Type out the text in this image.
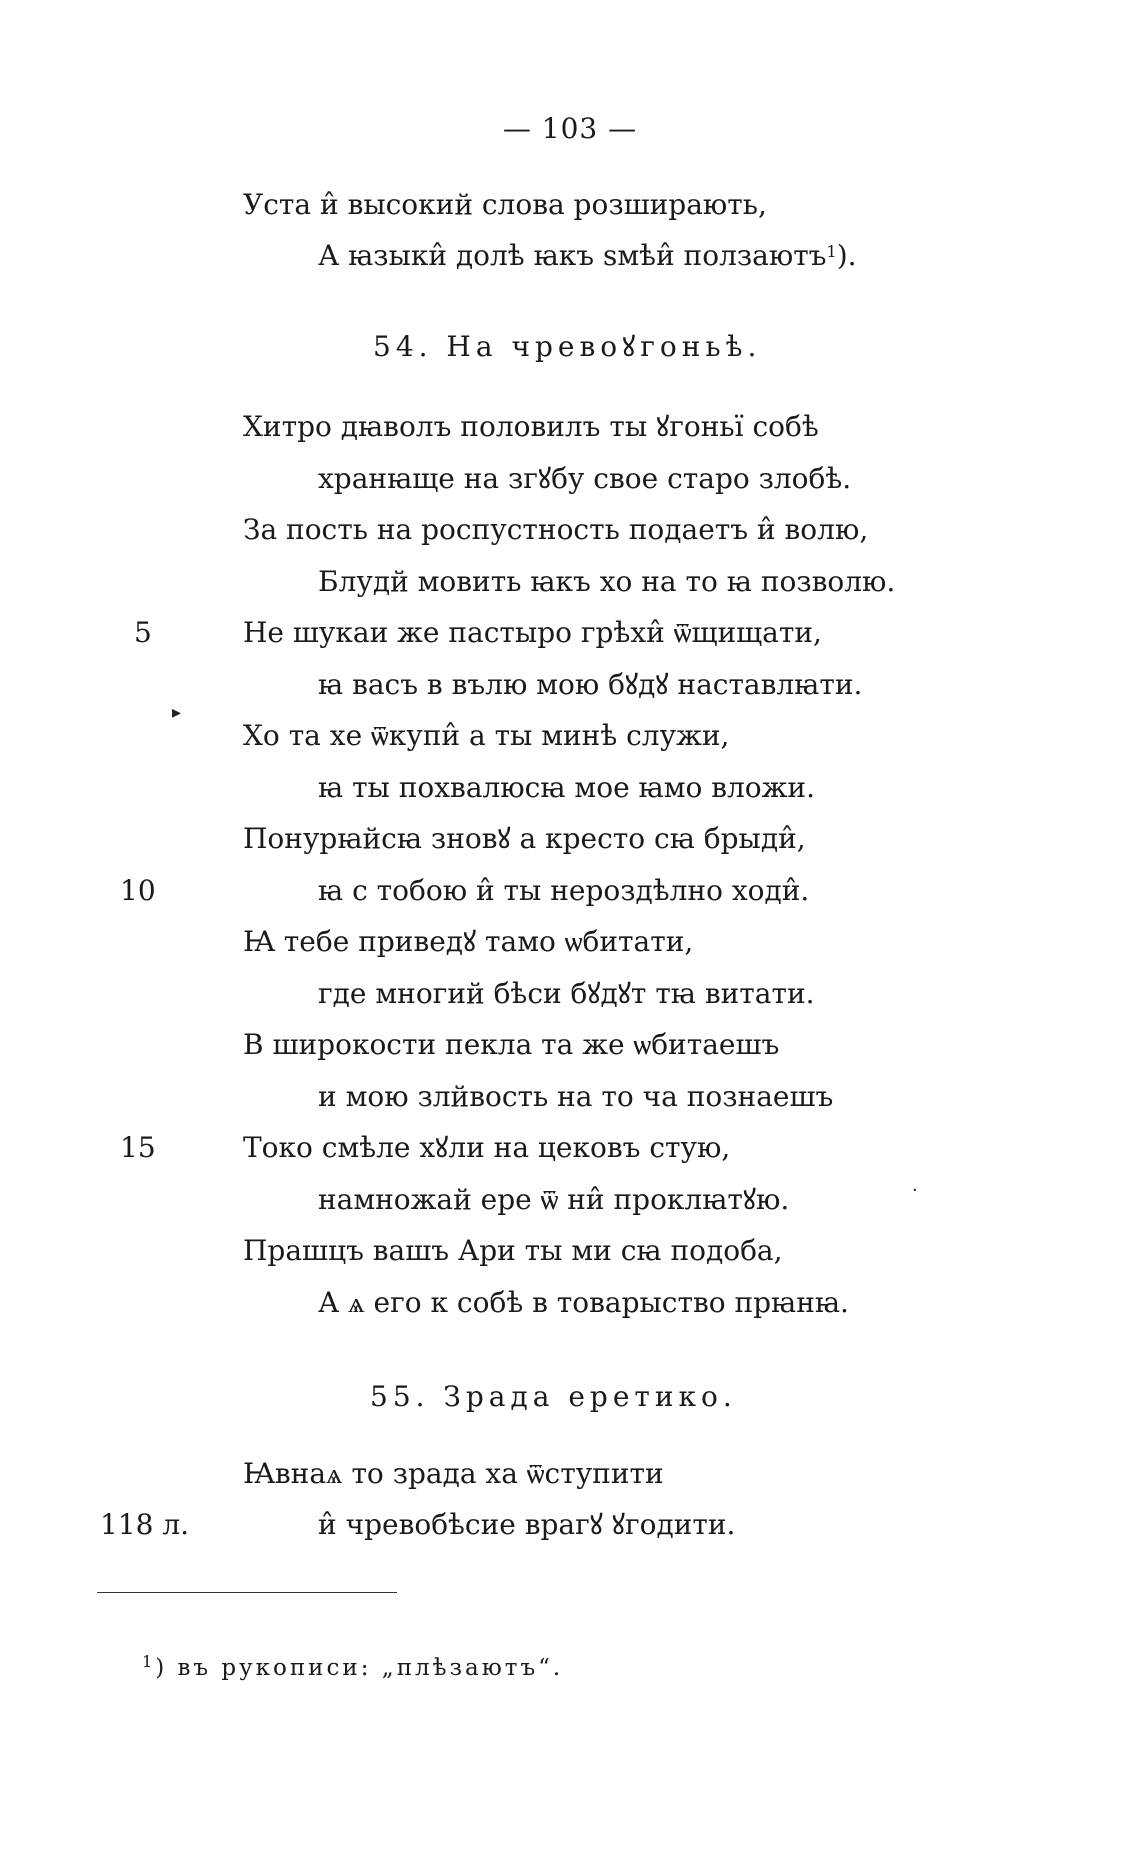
— 103 —
Уста и̂ высокий слова розширають,
А ꙗзыки̂ долѣ ꙗкъ ѕмѣи̂ ползаютъ$^1$).
54. На чревоꙋгоньѣ.
Хитро дꙗволъ половилъ ты ꙋгоньї собѣ
хранꙗще на згꙋбу свое старо злобѣ.
За пость на роспустность подаетъ и̂ волю,
Блудй мовить ꙗкъ хо на то ꙗ позволю.
Не шукаи же пастыро грѣхи̂ ѿщищати,
ꙗ васъ в вълю мою бꙋдꙋ наставлꙗти.
Хо та хе ѿкупи̂ а ты минѣ служи,
ꙗ ты похвалюсꙗ мое ꙗмо вложи.
Понурꙗйсꙗ зновꙋ а кресто сꙗ брыди̂,
ꙗ с тобою и̂ ты нероздѣлно ходи̂.
Ꙗ тебе приведꙋ тамо ѡбитати,
где многий бѣси бꙋдꙋт тꙗ витати.
В широкости пекла та же ѡбитаешъ
и мою злйвость на то ча познаешъ
Токо смѣле хꙋли на цековъ стую,
намножай ере ѿ ни̂ проклꙗтꙋю.
Прашцъ вашъ Ари ты ми сꙗ подоба,
А ѧ его к собѣ в товарыство прꙗнꙗ.
55. Зрада еретико.
Ꙗвнаѧ то зрада ха ѿступити
и̂ чревобѣсие врагꙋ ꙋгодити.
5
10
15
118 л.
$^1$) въ рукописи: „плѣзаютъ“.
▸
·
